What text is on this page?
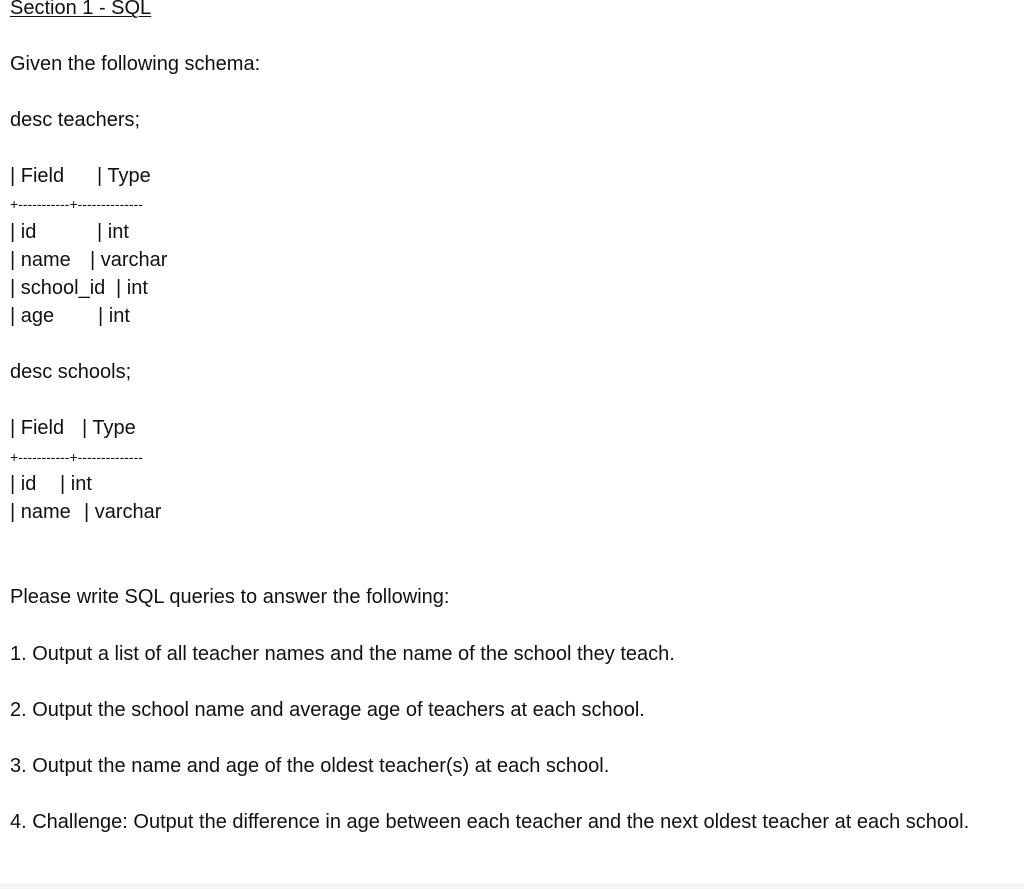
Section 1 - SQL
Given the following schema:
desc teachers;
| Field	| Type
+-----------+--------------
| id	| int
| name | varchar
| school_id | int
| age | int
desc schools;
| Field | Type
+-----------+--------------
| id | int
| name | varchar
Please write SQL queries to answer the following:
1. Output a list of all teacher names and the name of the school they teach.
2. Output the school name and average age of teachers at each school.
3. Output the name and age of the oldest teacher(s) at each school.
4. Challenge: Output the difference in age between each teacher and the next oldest teacher at each school.
